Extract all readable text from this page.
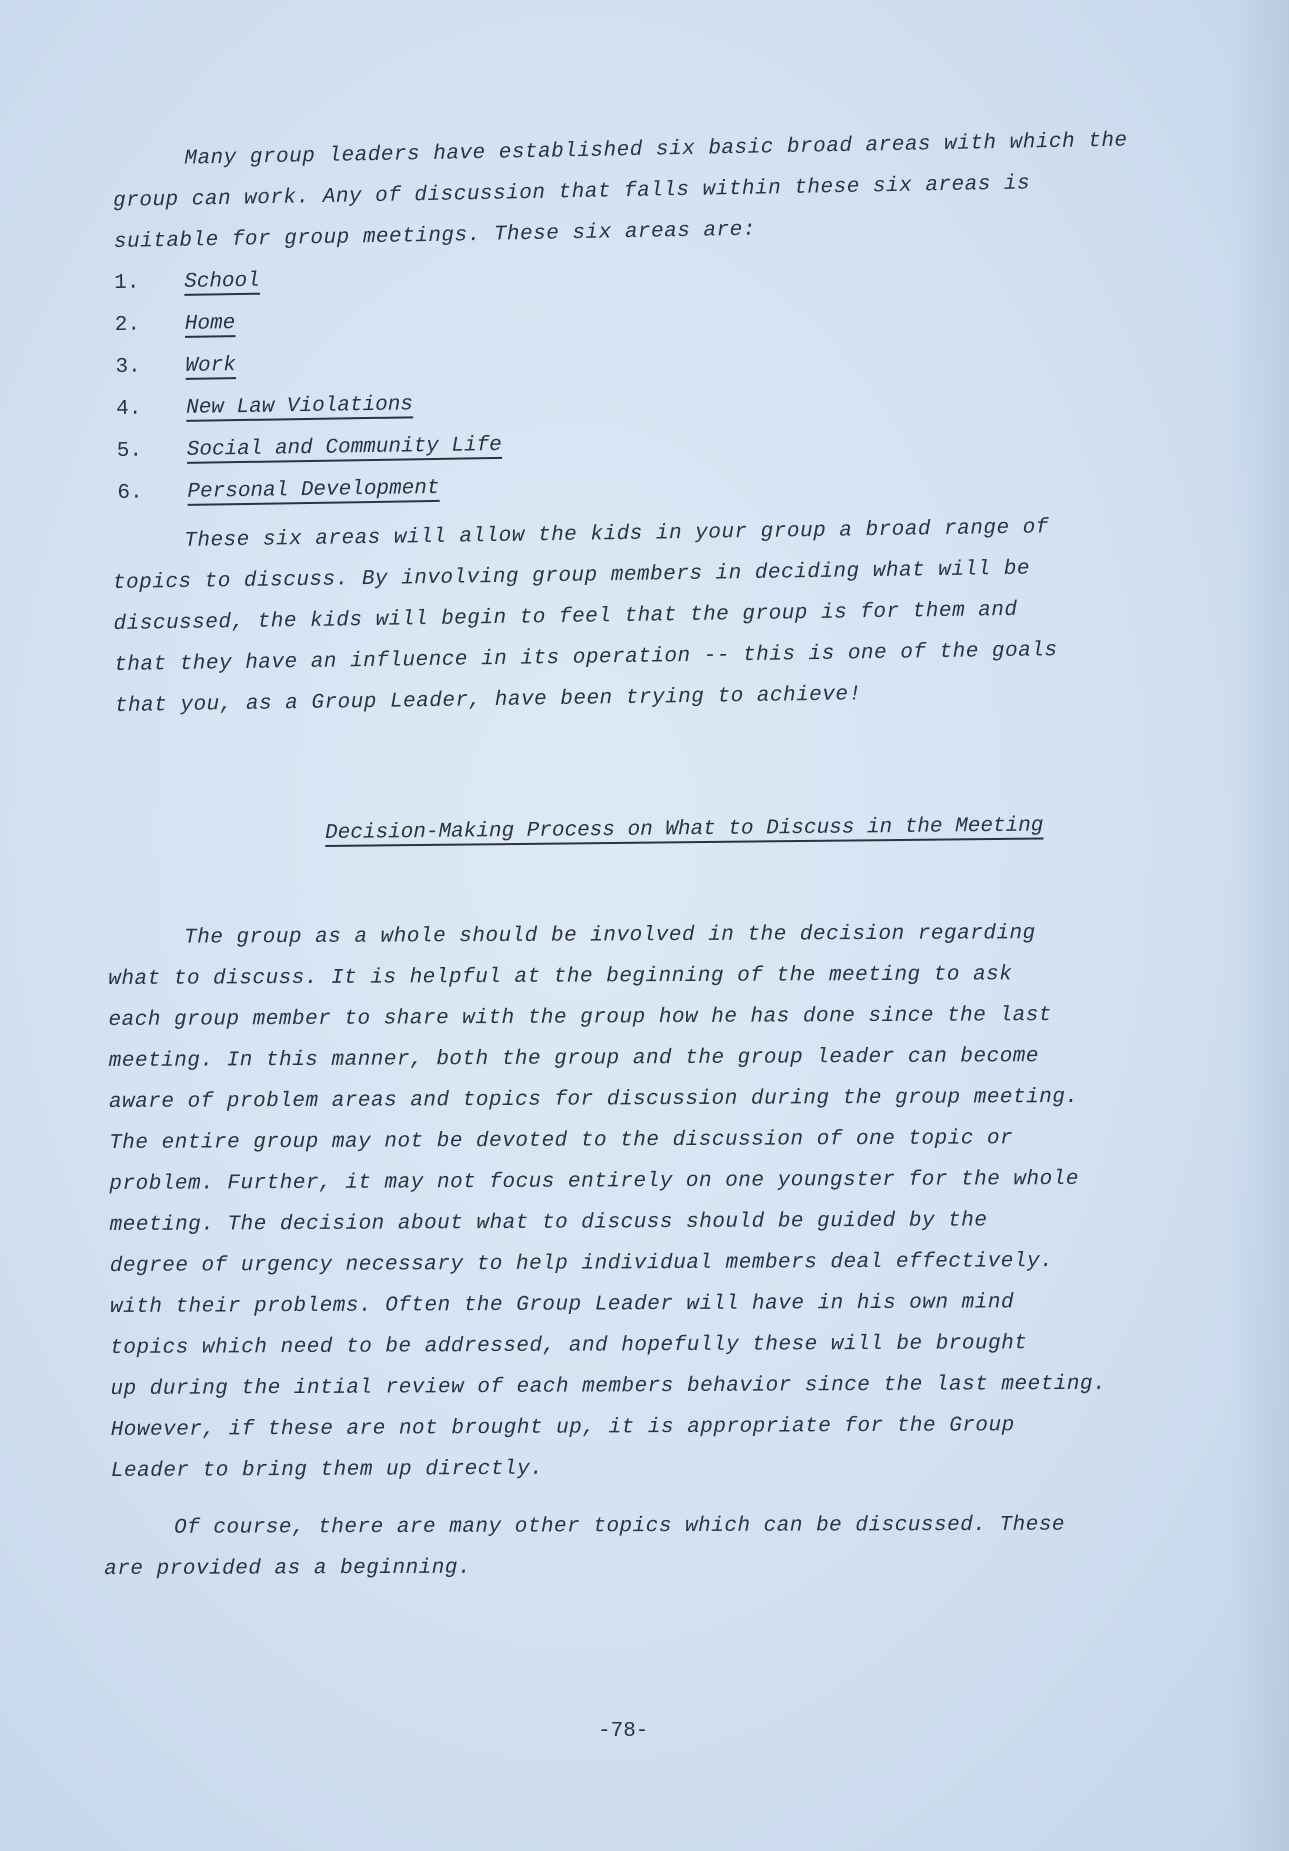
Many group leaders have established six basic broad areas with which the
group can work. Any of discussion that falls within these six areas is
suitable for group meetings. These six areas are:
1.	School
2.	Home
3.	Work
4.	New Law Violations
5.	Social and Community Life
6.	Personal Development
These six areas will allow the kids in your group a broad range of
topics to discuss. By involving group members in deciding what will be
discussed, the kids will begin to feel that the group is for them and
that they have an influence in its operation -- this is one of the goals
that you, as a Group Leader, have been trying to achieve!
Decision-Making Process on What to Discuss in the Meeting
The group as a whole should be involved in the decision regarding
what to discuss. It is helpful at the beginning of the meeting to ask
each group member to share with the group how he has done since the last
meeting. In this manner, both the group and the group leader can become
aware of problem areas and topics for discussion during the group meeting.
The entire group may not be devoted to the discussion of one topic or
problem. Further, it may not focus entirely on one youngster for the whole
meeting. The decision about what to discuss should be guided by the
degree of urgency necessary to help individual members deal effectively.
with their problems. Often the Group Leader will have in his own mind
topics which need to be addressed, and hopefully these will be brought
up during the intial review of each members behavior since the last meeting.
However, if these are not brought up, it is appropriate for the Group
Leader to bring them up directly.
Of course, there are many other topics which can be discussed. These
are provided as a beginning.
-78-
